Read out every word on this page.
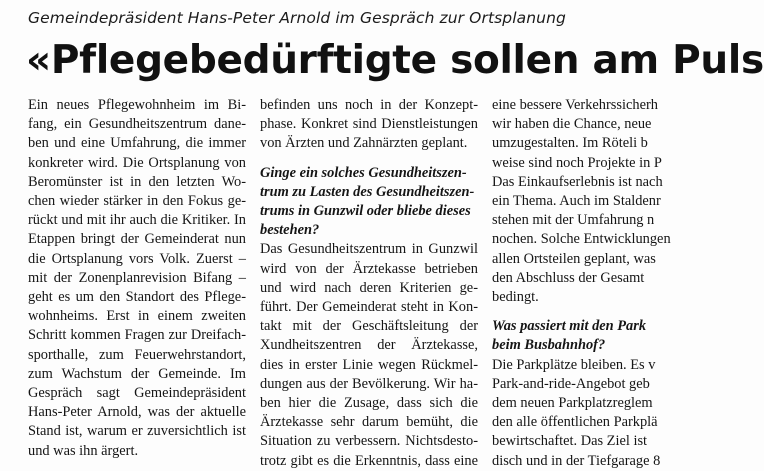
Gemeindepräsident Hans-Peter Arnold im Gespräch zur Ortsplanung
«Pflegebedürftigte sollen am Puls
Ein neues Pflegewohnheim im Bi-
fang, ein Gesundheitszentrum dane-
ben und eine Umfahrung, die immer
konkreter wird. Die Ortsplanung von
Beromünster ist in den letzten Wo-
chen wieder stärker in den Fokus ge-
rückt und mit ihr auch die Kritiker. In
Etappen bringt der Gemeinderat nun
die Ortsplanung vors Volk. Zuerst –
mit der Zonenplanrevision Bifang –
geht es um den Standort des Pflege-
wohnheims. Erst in einem zweiten
Schritt kommen Fragen zur Dreifach-
sporthalle, zum Feuerwehrstandort,
zum Wachstum der Gemeinde. Im
Gespräch sagt Gemeindepräsident
Hans-Peter Arnold, was der aktuelle
Stand ist, warum er zuversichtlich ist
und was ihn ärgert.
befinden uns noch in der Konzept-
phase. Konkret sind Dienstleistungen
von Ärzten und Zahnärzten geplant.
Ginge ein solches Gesundheitszen-
trum zu Lasten des Gesundheitszen-
trums in Gunzwil oder bliebe dieses
bestehen?
Das Gesundheitszentrum in Gunzwil
wird von der Ärztekasse betrieben
und wird nach deren Kriterien ge-
führt. Der Gemeinderat steht in Kon-
takt mit der Geschäftsleitung der
Xundheitszentren der Ärztekasse,
dies in erster Linie wegen Rückmel-
dungen aus der Bevölkerung. Wir ha-
ben hier die Zusage, dass sich die
Ärztekasse sehr darum bemüht, die
Situation zu verbessern. Nichtsdesto-
trotz gibt es die Erkenntnis, dass eine
eine bessere Verkehrssicherh
wir haben die Chance, neue
umzugestalten. Im Röteli b
weise sind noch Projekte in P
Das Einkaufserlebnis ist nach
ein Thema. Auch im Staldenr
stehen mit der Umfahrung n
nochen. Solche Entwicklungen
allen Ortsteilen geplant, was
den Abschluss der Gesamt
bedingt.
Was passiert mit den Park
beim Busbahnhof?
Die Parkplätze bleiben. Es v
Park-and-ride-Angebot geb
dem neuen Parkplatzreglem
den alle öffentlichen Parkplä
bewirtschaftet. Das Ziel ist
disch und in der Tiefgarage 8
